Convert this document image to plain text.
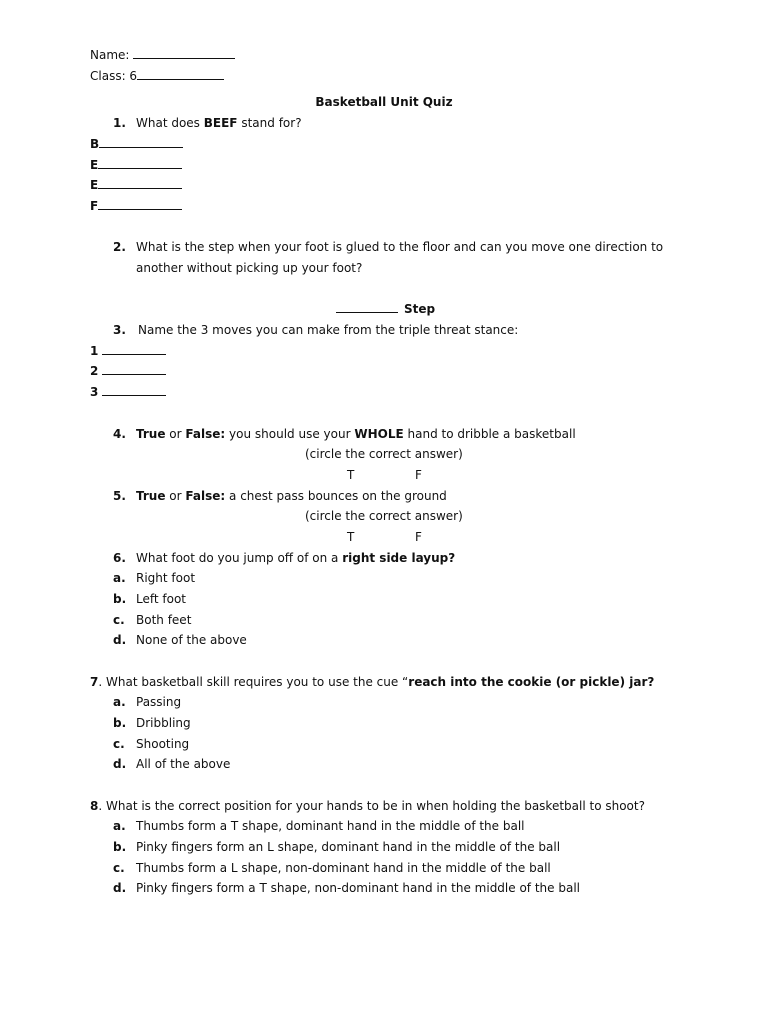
Name:
Class: 6
Basketball Unit Quiz
1. What does BEEF stand for?
B
E
E
F
2. What is the step when your foot is glued to the floor and can you move one direction to
another without picking up your foot?
Step
3. Name the 3 moves you can make from the triple threat stance:
1
2
3
4. True or False: you should use your WHOLE hand to dribble a basketball
(circle the correct answer)
T	F
5. True or False: a chest pass bounces on the ground
(circle the correct answer)
T	F
6. What foot do you jump off of on a right side layup?
a. Right foot
b. Left foot
c. Both feet
d. None of the above
7. What basketball skill requires you to use the cue “reach into the cookie (or pickle) jar?
a. Passing
b. Dribbling
c. Shooting
d. All of the above
8. What is the correct position for your hands to be in when holding the basketball to shoot?
a. Thumbs form a T shape, dominant hand in the middle of the ball
b. Pinky fingers form an L shape, dominant hand in the middle of the ball
c. Thumbs form a L shape, non-dominant hand in the middle of the ball
d. Pinky fingers form a T shape, non-dominant hand in the middle of the ball
